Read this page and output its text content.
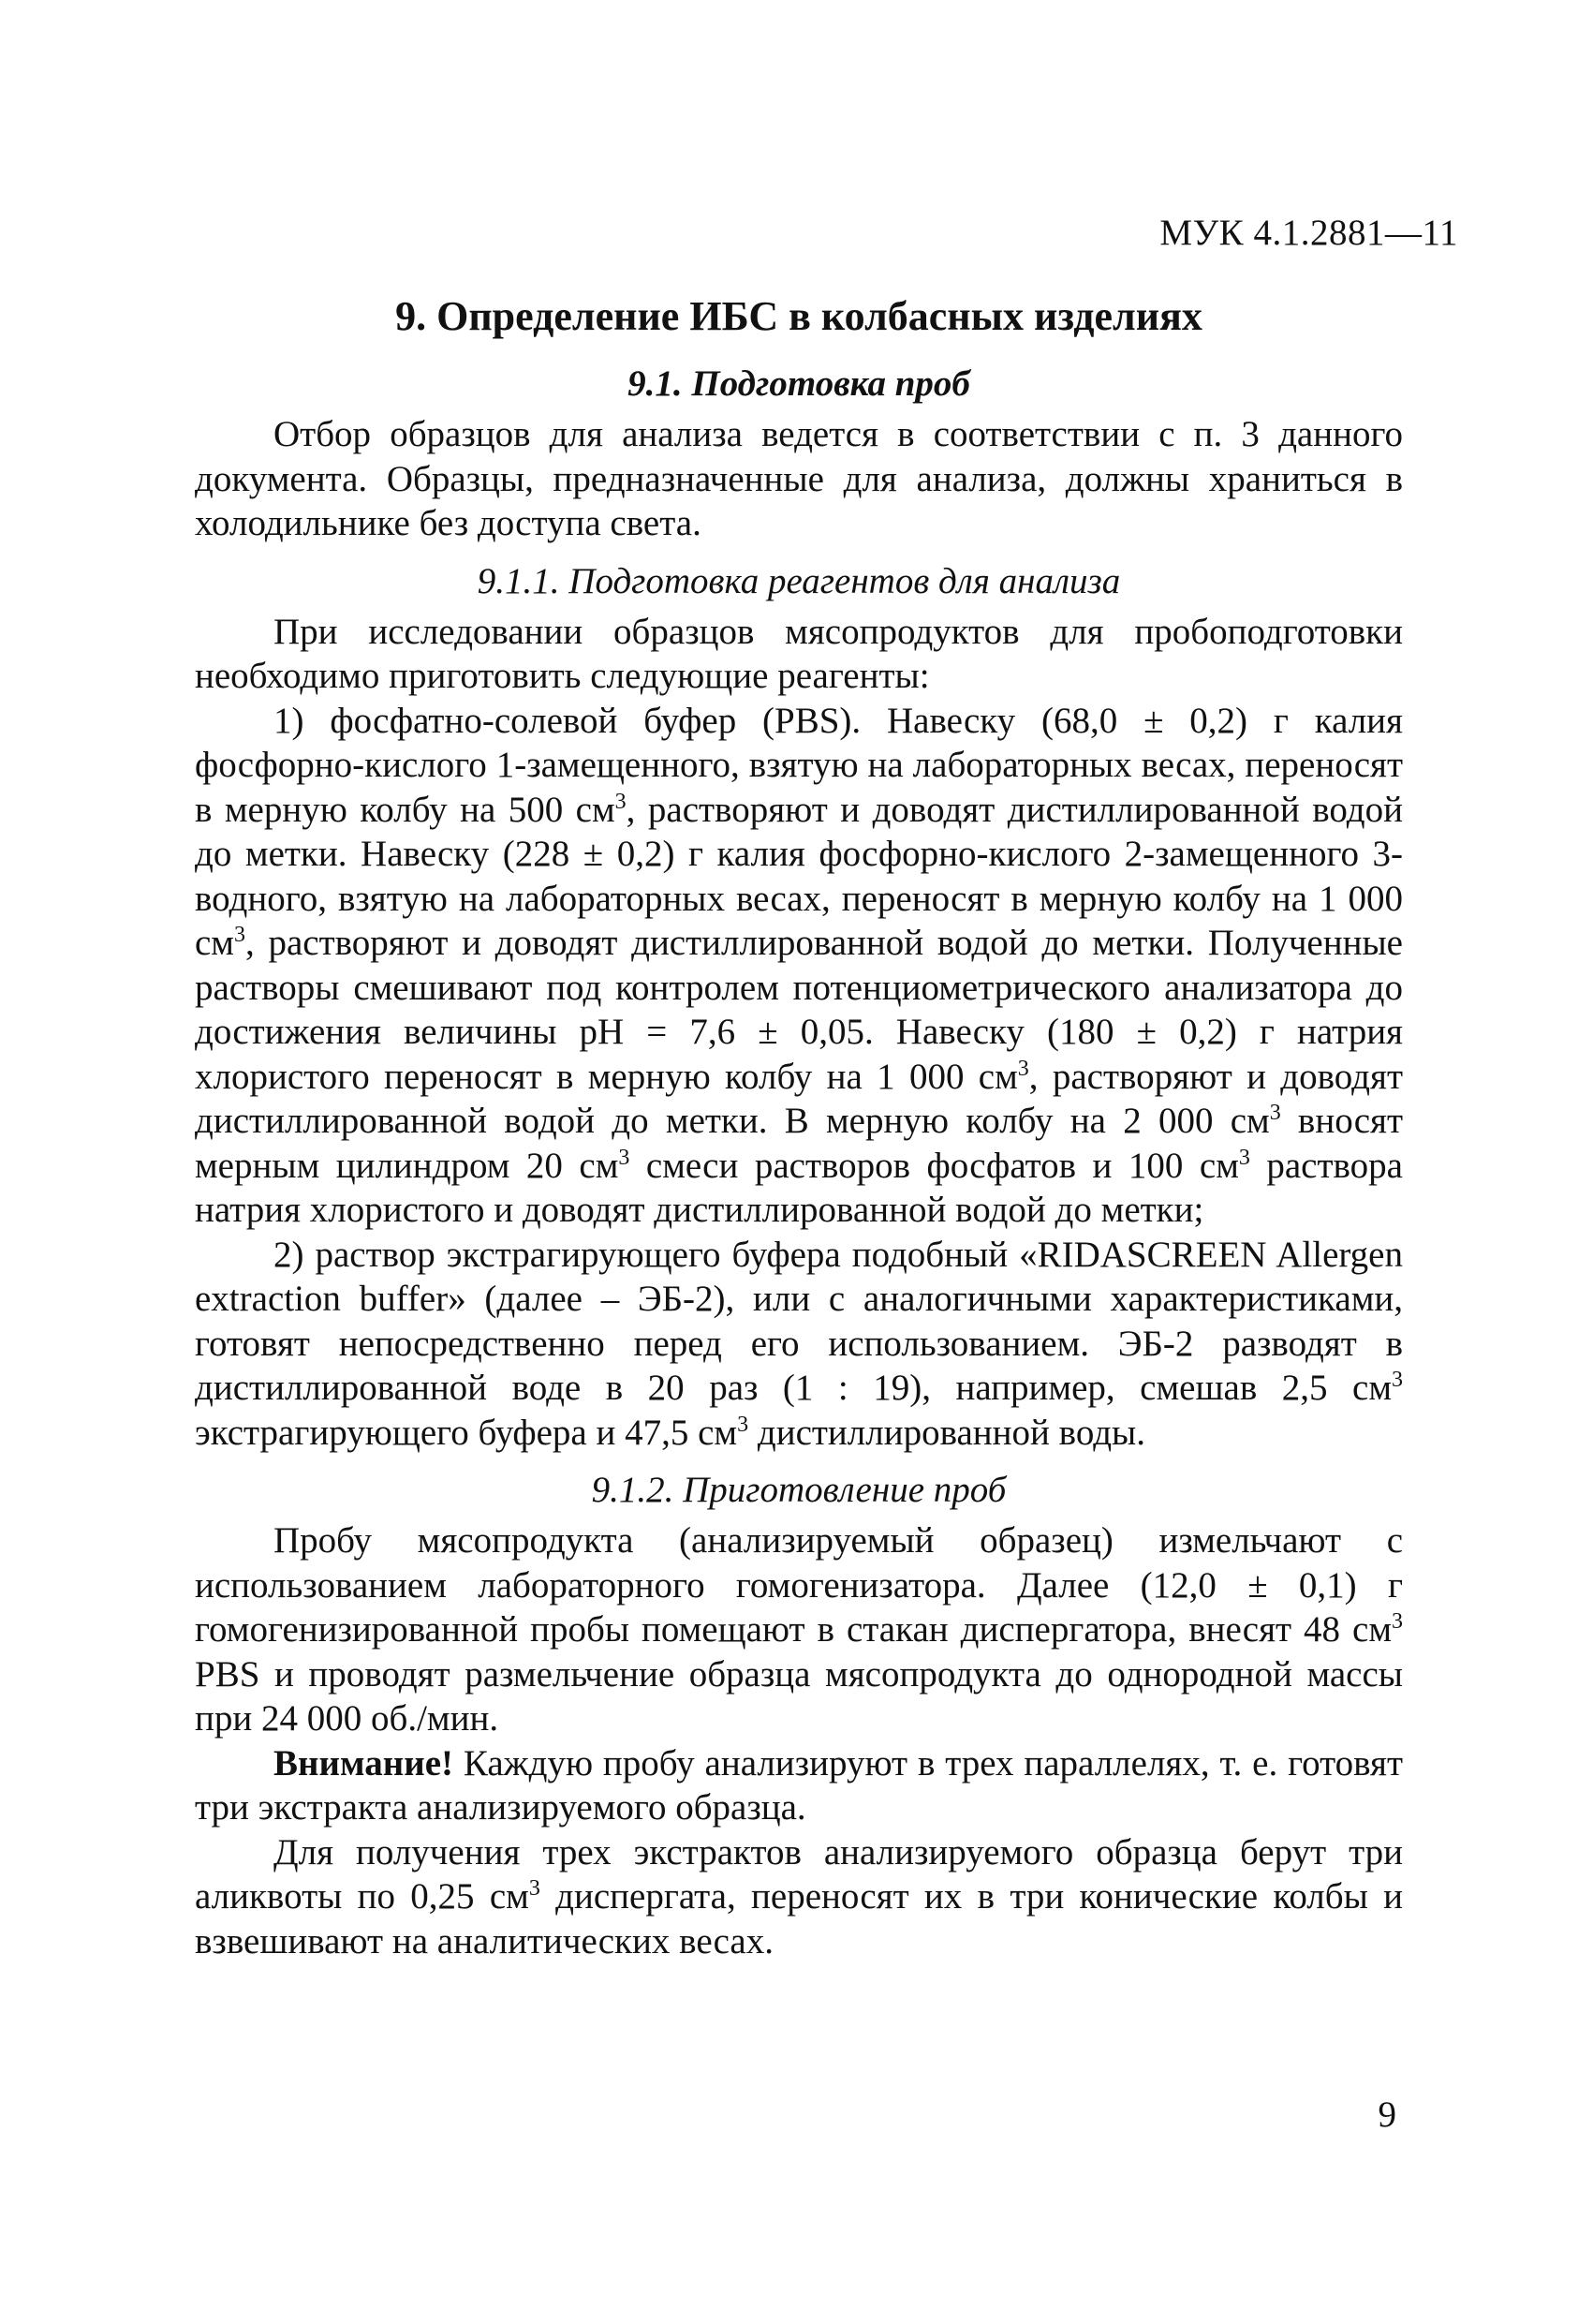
МУК 4.1.2881—11
9. Определение ИБС в колбасных изделиях
9.1. Подготовка проб

Отбор образцов для анализа ведется в соответствии с п. 3 данного документа. Образцы, предназначенные для анализа, должны храниться в холодильнике без доступа света.

9.1.1. Подготовка реагентов для анализа

При исследовании образцов мясопродуктов для пробоподготовки необходимо приготовить следующие реагенты:

1) фосфатно-солевой буфер (PBS). Навеску (68,0 ± 0,2) г калия фосфорно-кислого 1-замещенного, взятую на лабораторных весах, переносят в мерную колбу на 500 $см^3$, растворяют и доводят дистиллированной водой до метки. Навеску (228 ± 0,2) г калия фосфорно-кислого 2-замещенного 3-водного, взятую на лабораторных весах, переносят в мерную колбу на 1 000 $см^3$, растворяют и доводят дистиллированной водой до метки. Полученные растворы смешивают под контролем потенциометрического анализатора до достижения величины pH = 7,6 ± 0,05. Навеску (180 ± 0,2) г натрия хлористого переносят в мерную колбу на 1 000 $см^3$, растворяют и доводят дистиллированной водой до метки. В мерную колбу на 2 000 $см^3$ вносят мерным цилиндром 20 $см^3$ смеси растворов фосфатов и 100 $см^3$ раствора натрия хлористого и доводят дистиллированной водой до метки;

2) раствор экстрагирующего буфера подобный «RIDASCREEN Allergen extraction buffer» (далее – ЭБ-2), или с аналогичными характеристиками, готовят непосредственно перед его использованием. ЭБ-2 разводят в дистиллированной воде в 20 раз (1 : 19), например, смешав 2,5 $см^3$ экстрагирующего буфера и 47,5 $см^3$ дистиллированной воды.

9.1.2. Приготовление проб

Пробу мясопродукта (анализируемый образец) измельчают с использованием лабораторного гомогенизатора. Далее (12,0 ± 0,1) г гомогенизированной пробы помещают в стакан диспергатора, внесят 48 $см^3$ PBS и проводят размельчение образца мясопродукта до однородной массы при 24 000 об./мин.

Внимание! Каждую пробу анализируют в трех параллелях, т. е. готовят три экстракта анализируемого образца.

Для получения трех экстрактов анализируемого образца берут три аликвоты по 0,25 $см^3$ диспергата, переносят их в три конические колбы и взвешивают на аналитических весах.

9
